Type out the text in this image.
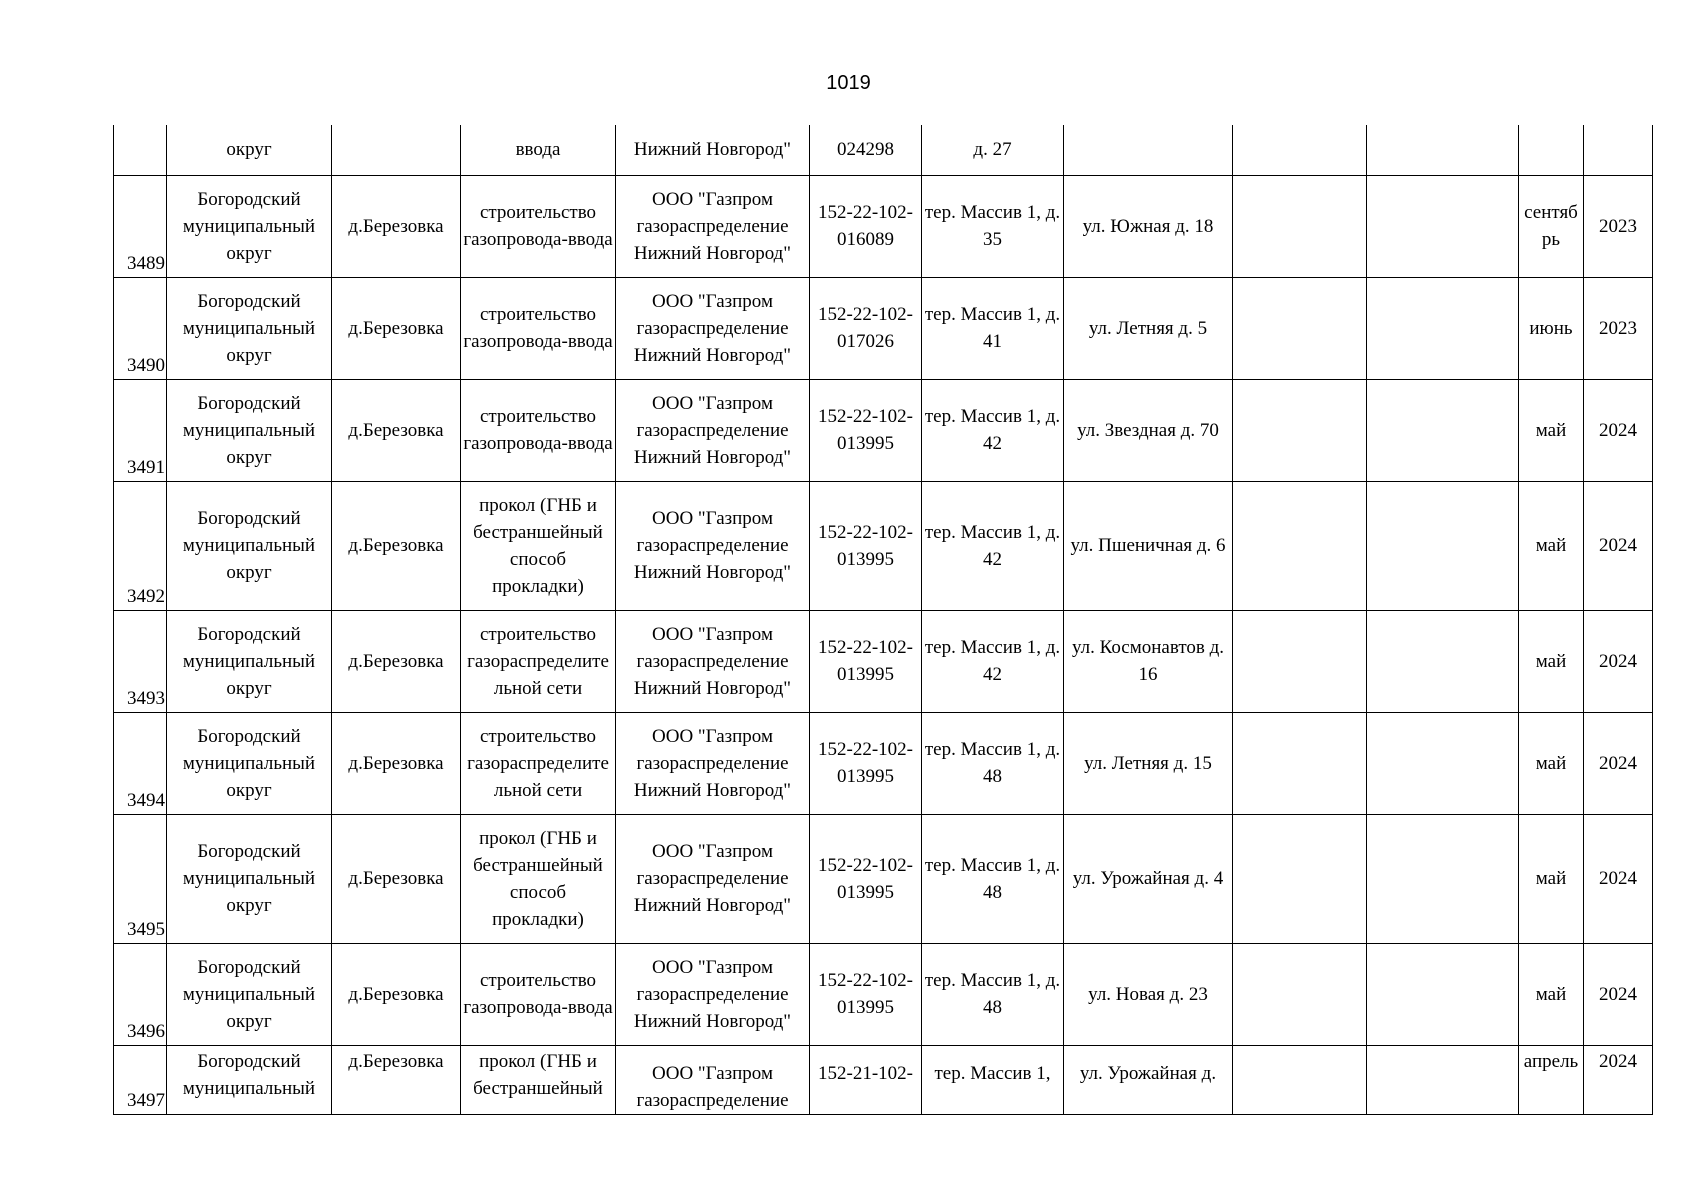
1019
	округ		ввода	Нижний Новгород"	024298	д. 27					
3489	Богородский муниципальный округ	д.Березовка	строительство газопровода-ввода	ООО "Газпром газораспределение Нижний Новгород"	152-22-102-016089	тер. Массив 1, д. 35	ул. Южная д. 18			сентябрь	2023
3490	Богородский муниципальный округ	д.Березовка	строительство газопровода-ввода	ООО "Газпром газораспределение Нижний Новгород"	152-22-102-017026	тер. Массив 1, д. 41	ул. Летняя д. 5			июнь	2023
3491	Богородский муниципальный округ	д.Березовка	строительство газопровода-ввода	ООО "Газпром газораспределение Нижний Новгород"	152-22-102-013995	тер. Массив 1, д. 42	ул. Звездная д. 70			май	2024
3492	Богородский муниципальный округ	д.Березовка	прокол (ГНБ и бестраншейный способ прокладки)	ООО "Газпром газораспределение Нижний Новгород"	152-22-102-013995	тер. Массив 1, д. 42	ул. Пшеничная д. 6			май	2024
3493	Богородский муниципальный округ	д.Березовка	строительство газораспределительной сети	ООО "Газпром газораспределение Нижний Новгород"	152-22-102-013995	тер. Массив 1, д. 42	ул. Космонавтов д. 16			май	2024
3494	Богородский муниципальный округ	д.Березовка	строительство газораспределительной сети	ООО "Газпром газораспределение Нижний Новгород"	152-22-102-013995	тер. Массив 1, д. 48	ул. Летняя д. 15			май	2024
3495	Богородский муниципальный округ	д.Березовка	прокол (ГНБ и бестраншейный способ прокладки)	ООО "Газпром газораспределение Нижний Новгород"	152-22-102-013995	тер. Массив 1, д. 48	ул. Урожайная д. 4			май	2024
3496	Богородский муниципальный округ	д.Березовка	строительство газопровода-ввода	ООО "Газпром газораспределение Нижний Новгород"	152-22-102-013995	тер. Массив 1, д. 48	ул. Новая д. 23			май	2024
3497	Богородский муниципальный	д.Березовка	прокол (ГНБ и бестраншейный	ООО "Газпром газораспределение	152-21-102-	тер. Массив 1,	ул. Урожайная д.			апрель	2024
